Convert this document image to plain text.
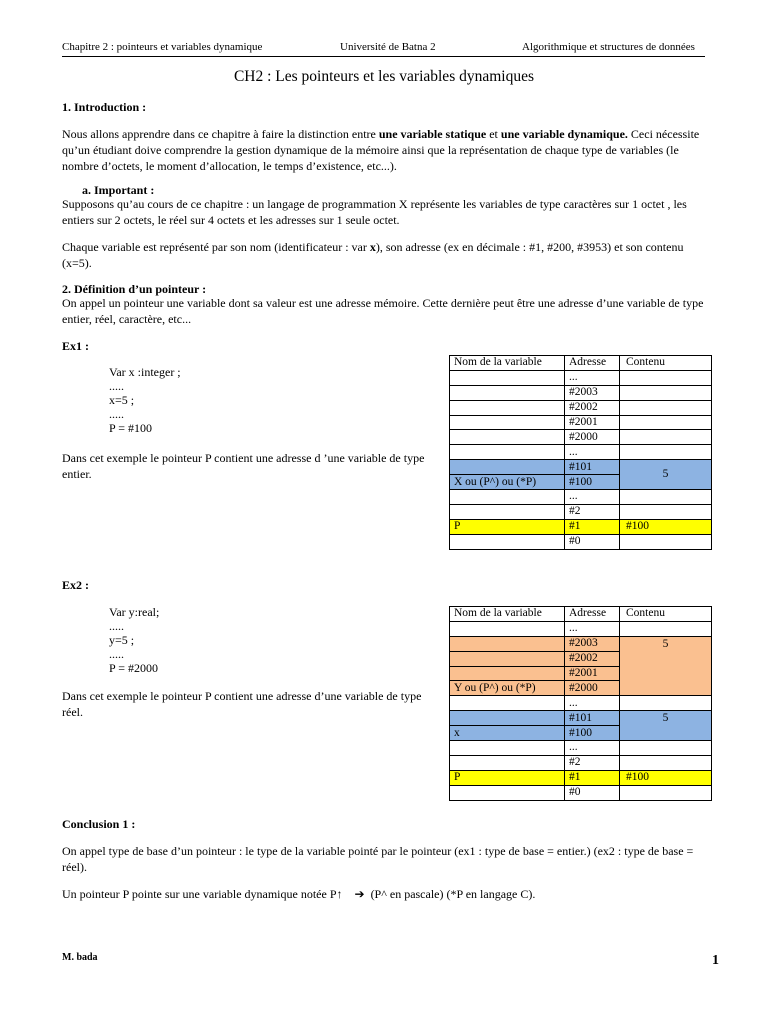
Chapitre 2 : pointeurs et variables dynamique	Université de Batna 2	Algorithmique et structures de données
CH2 : Les pointeurs et les variables dynamiques
1. Introduction :
Nous allons apprendre dans ce chapitre à faire la distinction entre une variable statique et une variable dynamique. Ceci nécessite qu’un étudiant doive comprendre la gestion dynamique de la mémoire ainsi que la représentation de chaque type de variables (le nombre d’octets, le moment d’allocation, le temps d’existence, etc...).
a. Important :
Supposons qu’au cours de ce chapitre : un langage de programmation X représente les variables de type caractères sur 1 octet , les entiers sur 2 octets, le réel sur 4 octets et les adresses sur 1 seule octet.
Chaque variable est représenté par son nom (identificateur : var x), son adresse (ex en décimale : #1, #200, #3953) et son contenu (x=5).
2. Définition d’un pointeur :
On appel un pointeur une variable dont sa valeur est une adresse mémoire. Cette dernière peut être une adresse d’une variable de type entier, réel, caractère, etc...
Ex1 :
Var x :integer ;
.....
x=5 ;
.....
P = #100
Dans cet exemple le pointeur P contient une adresse d ’une variable de type entier.
Nom de la variable	Adresse	Contenu
	...	
	#2003	
	#2002	
	#2001	
	#2000	
	...	
	#101	5
X ou (P^) ou (*P)	#100	
	...	
	#2	
P	#1	#100
	#0	
Ex2 :
Var y:real;
.....
y=5 ;
.....
P = #2000
Dans cet exemple le pointeur P contient une adresse d’une variable de type réel.
Nom de la variable	Adresse	Contenu
	...	
	#2003	5
	#2002	
	#2001	
Y ou (P^) ou (*P)	#2000	
	...	
	#101	5
x	#100	
	...	
	#2	
P	#1	#100
	#0	
Conclusion 1 :
On appel type de base d’un pointeur : le type de la variable pointé par le pointeur (ex1 : type de base = entier.) (ex2 : type de base = réel).
Un pointeur P pointe sur une variable dynamique notée P↑ ➔ (P^ en pascale) (*P en langage C).
M. bada	1
